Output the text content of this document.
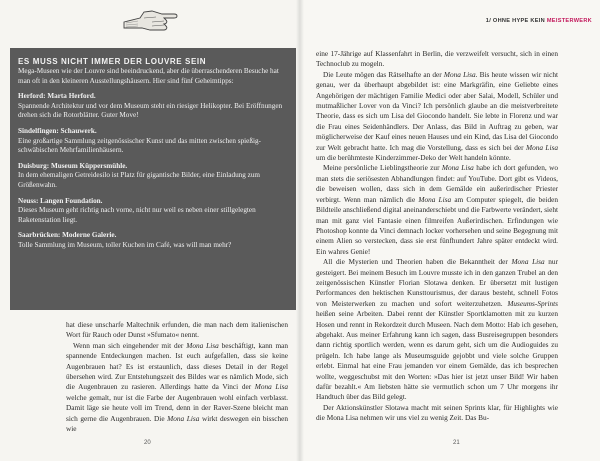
ES MUSS NICHT IMMER DER LOUVRE SEIN

Mega-Museen wie der Louvre sind beeindruckend, aber die überraschenderen Besuche hat man oft in den kleineren Ausstellungshäusern. Hier sind fünf Geheimtipps:

Herford: Marta Herford.
Spannende Architektur und vor dem Museum steht ein riesiger Helikopter. Bei Eröffnungen drehen sich die Rotorblätter. Guter Move!

Sindelfingen: Schauwerk.
Eine großartige Sammlung zeitgenössischer Kunst und das mitten zwischen spießig-schwäbischen Mehrfamilienhäusern.

Duisburg: Museum Küppersmühle.
In dem ehemaligen Getreidesilo ist Platz für gigantische Bilder, eine Einladung zum Größenwahn.

Neuss: Langen Foundation.
Dieses Museum geht richtig nach vorne, nicht nur weil es neben einer stillgelegten Raketenstation liegt.

Saarbrücken: Moderne Galerie.
Tolle Sammlung im Museum, toller Kuchen im Café, was will man mehr?

hat diese unscharfe Maltechnik erfunden, die man nach dem italienischen Wort für Rauch oder Dunst »Sfumato« nennt.

Wenn man sich eingehender mit der Mona Lisa beschäftigt, kann man spannende Entdeckungen machen. Ist euch aufgefallen, dass sie keine Augenbrauen hat? Es ist erstaunlich, dass dieses Detail in der Regel übersehen wird. Zur Entstehungszeit des Bildes war es nämlich Mode, sich die Augenbrauen zu rasieren. Allerdings hatte da Vinci der Mona Lisa welche gemalt, nur ist die Farbe der Augenbrauen wohl einfach verblasst. Damit läge sie heute voll im Trend, denn in der Raver-Szene bleicht man sich gerne die Augenbrauen. Die Mona Lisa wirkt deswegen ein bisschen wie

20
1/ OHNE HYPE KEIN MEISTERWERK

eine 17-Jährige auf Klassenfahrt in Berlin, die verzweifelt versucht, sich in einen Technoclub zu mogeln.

Die Leute mögen das Rätselhafte an der Mona Lisa. Bis heute wissen wir nicht genau, wer da überhaupt abgebildet ist: eine Markgräfin, eine Geliebte eines Angehörigen der mächtigen Familie Medici oder aber Salai, Modell, Schüler und mutmaßlicher Lover von da Vinci? Ich persönlich glaube an die meistverbreitete Theorie, dass es sich um Lisa del Giocondo handelt. Sie lebte in Florenz und war die Frau eines Seidenhändlers. Der Anlass, das Bild in Auftrag zu geben, war möglicherweise der Kauf eines neuen Hauses und ein Kind, das Lisa del Giocondo zur Welt gebracht hatte. Ich mag die Vorstellung, dass es sich bei der Mona Lisa um die berühmteste Kinderzimmer-Deko der Welt handeln könnte.

Meine persönliche Lieblingstheorie zur Mona Lisa habe ich dort gefunden, wo man stets die seriösesten Abhandlungen findet: auf YouTube. Dort gibt es Videos, die beweisen wollen, dass sich in dem Gemälde ein außerirdischer Priester verbirgt. Wenn man nämlich die Mona Lisa am Computer spiegelt, die beiden Bildteile anschließend digital aneinanderschiebt und die Farbwerte verändert, sieht man mit ganz viel Fantasie einen filmreifen Außerirdischen. Erfindungen wie Photoshop konnte da Vinci demnach locker vorhersehen und seine Begegnung mit einem Alien so verstecken, dass sie erst fünfhundert Jahre später entdeckt wird. Ein wahres Genie!

All die Mysterien und Theorien haben die Bekanntheit der Mona Lisa nur gesteigert. Bei meinem Besuch im Louvre musste ich in den ganzen Trubel an den zeitgenössischen Künstler Florian Slotawa denken. Er übersetzt mit lustigen Performances den hektischen Kunsttourismus, der daraus besteht, schnell Fotos von Meisterwerken zu machen und sofort weiterzuhetzen. Museums-Sprints heißen seine Arbeiten. Dabei rennt der Künstler Sportklamotten mit zu kurzen Hosen und rennt in Rekordzeit durch Museen. Nach dem Motto: Hab ich gesehen, abgehakt. Aus meiner Erfahrung kann ich sagen, dass Busreisegruppen besonders dann richtig sportlich werden, wenn es darum geht, sich um die Audioguides zu prügeln. Ich habe lange als Museumsguide gejobbt und viele solche Gruppen erlebt. Einmal hat eine Frau jemanden vor einem Gemälde, das ich besprechen wollte, weggeschubst mit den Worten: »Das hier ist jetzt unser Bild! Wir haben dafür bezahlt.« Am liebsten hätte sie vermutlich schon um 7 Uhr morgens ihr Handtuch über das Bild gelegt.

Der Aktionskünstler Slotawa macht mit seinen Sprints klar, für Highlights wie die Mona Lisa nehmen wir uns viel zu wenig Zeit. Das Bu-

21
